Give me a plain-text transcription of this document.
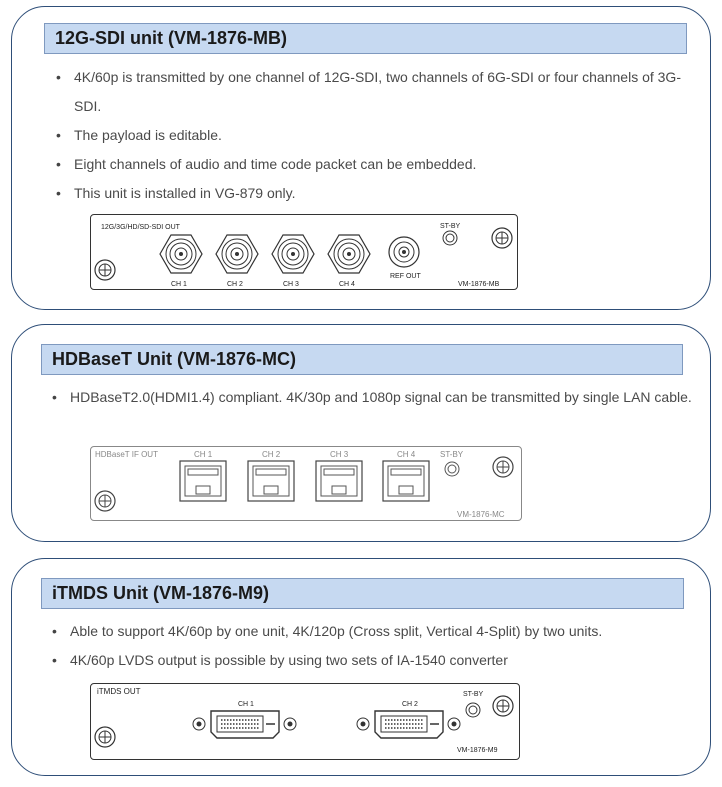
12G-SDI unit (VM-1876-MB)
• 4K/60p is transmitted by one channel of 12G-SDI, two channels of 6G-SDI or four channels of 3G-SDI.
• The payload is editable.
• Eight channels of audio and time code packet can be embedded.
• This unit is installed in VG-879 only.
12G/3G/HD/SD-SDI OUT
CH 1	CH 2	CH 3	CH 4
REF OUT
ST-BY
VM-1876-MB
HDBaseT Unit (VM-1876-MC)
• HDBaseT2.0(HDMI1.4) compliant. 4K/30p and 1080p signal can be transmitted by single LAN cable.
HDBaseT IF OUT	CH 1	CH 2	CH 3	CH 4	ST-BY
VM-1876-MC
iTMDS Unit (VM-1876-M9)
• Able to support 4K/60p by one unit, 4K/120p (Cross split, Vertical 4-Split) by two units.
• 4K/60p LVDS output is possible by using two sets of IA-1540 converter
iTMDS OUT
CH 1	CH 2
ST-BY
VM-1876-M9
